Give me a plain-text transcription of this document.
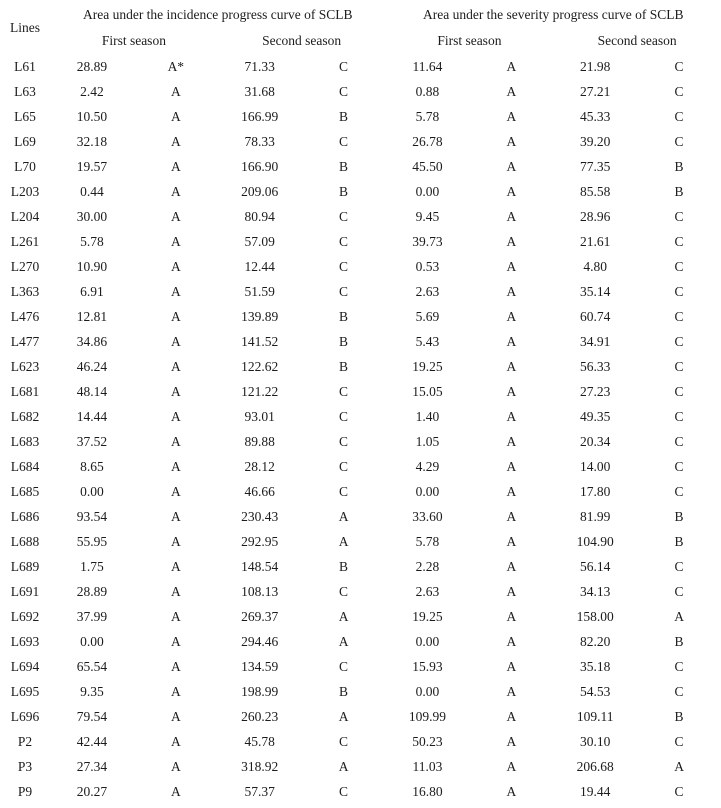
Lines	Area under the incidence progress curve of SCLB				Area under the severity progress curve of SCLB			
	First season		Second season		First season		Second season	
L61	28.89	A*	71.33	C	11.64	A	21.98	C
L63	2.42	A	31.68	C	0.88	A	27.21	C
L65	10.50	A	166.99	B	5.78	A	45.33	C
L69	32.18	A	78.33	C	26.78	A	39.20	C
L70	19.57	A	166.90	B	45.50	A	77.35	B
L203	0.44	A	209.06	B	0.00	A	85.58	B
L204	30.00	A	80.94	C	9.45	A	28.96	C
L261	5.78	A	57.09	C	39.73	A	21.61	C
L270	10.90	A	12.44	C	0.53	A	4.80	C
L363	6.91	A	51.59	C	2.63	A	35.14	C
L476	12.81	A	139.89	B	5.69	A	60.74	C
L477	34.86	A	141.52	B	5.43	A	34.91	C
L623	46.24	A	122.62	B	19.25	A	56.33	C
L681	48.14	A	121.22	C	15.05	A	27.23	C
L682	14.44	A	93.01	C	1.40	A	49.35	C
L683	37.52	A	89.88	C	1.05	A	20.34	C
L684	8.65	A	28.12	C	4.29	A	14.00	C
L685	0.00	A	46.66	C	0.00	A	17.80	C
L686	93.54	A	230.43	A	33.60	A	81.99	B
L688	55.95	A	292.95	A	5.78	A	104.90	B
L689	1.75	A	148.54	B	2.28	A	56.14	C
L691	28.89	A	108.13	C	2.63	A	34.13	C
L692	37.99	A	269.37	A	19.25	A	158.00	A
L693	0.00	A	294.46	A	0.00	A	82.20	B
L694	65.54	A	134.59	C	15.93	A	35.18	C
L695	9.35	A	198.99	B	0.00	A	54.53	C
L696	79.54	A	260.23	A	109.99	A	109.11	B
P2	42.44	A	45.78	C	50.23	A	30.10	C
P3	27.34	A	318.92	A	11.03	A	206.68	A
P9	20.27	A	57.37	C	16.80	A	19.44	C
